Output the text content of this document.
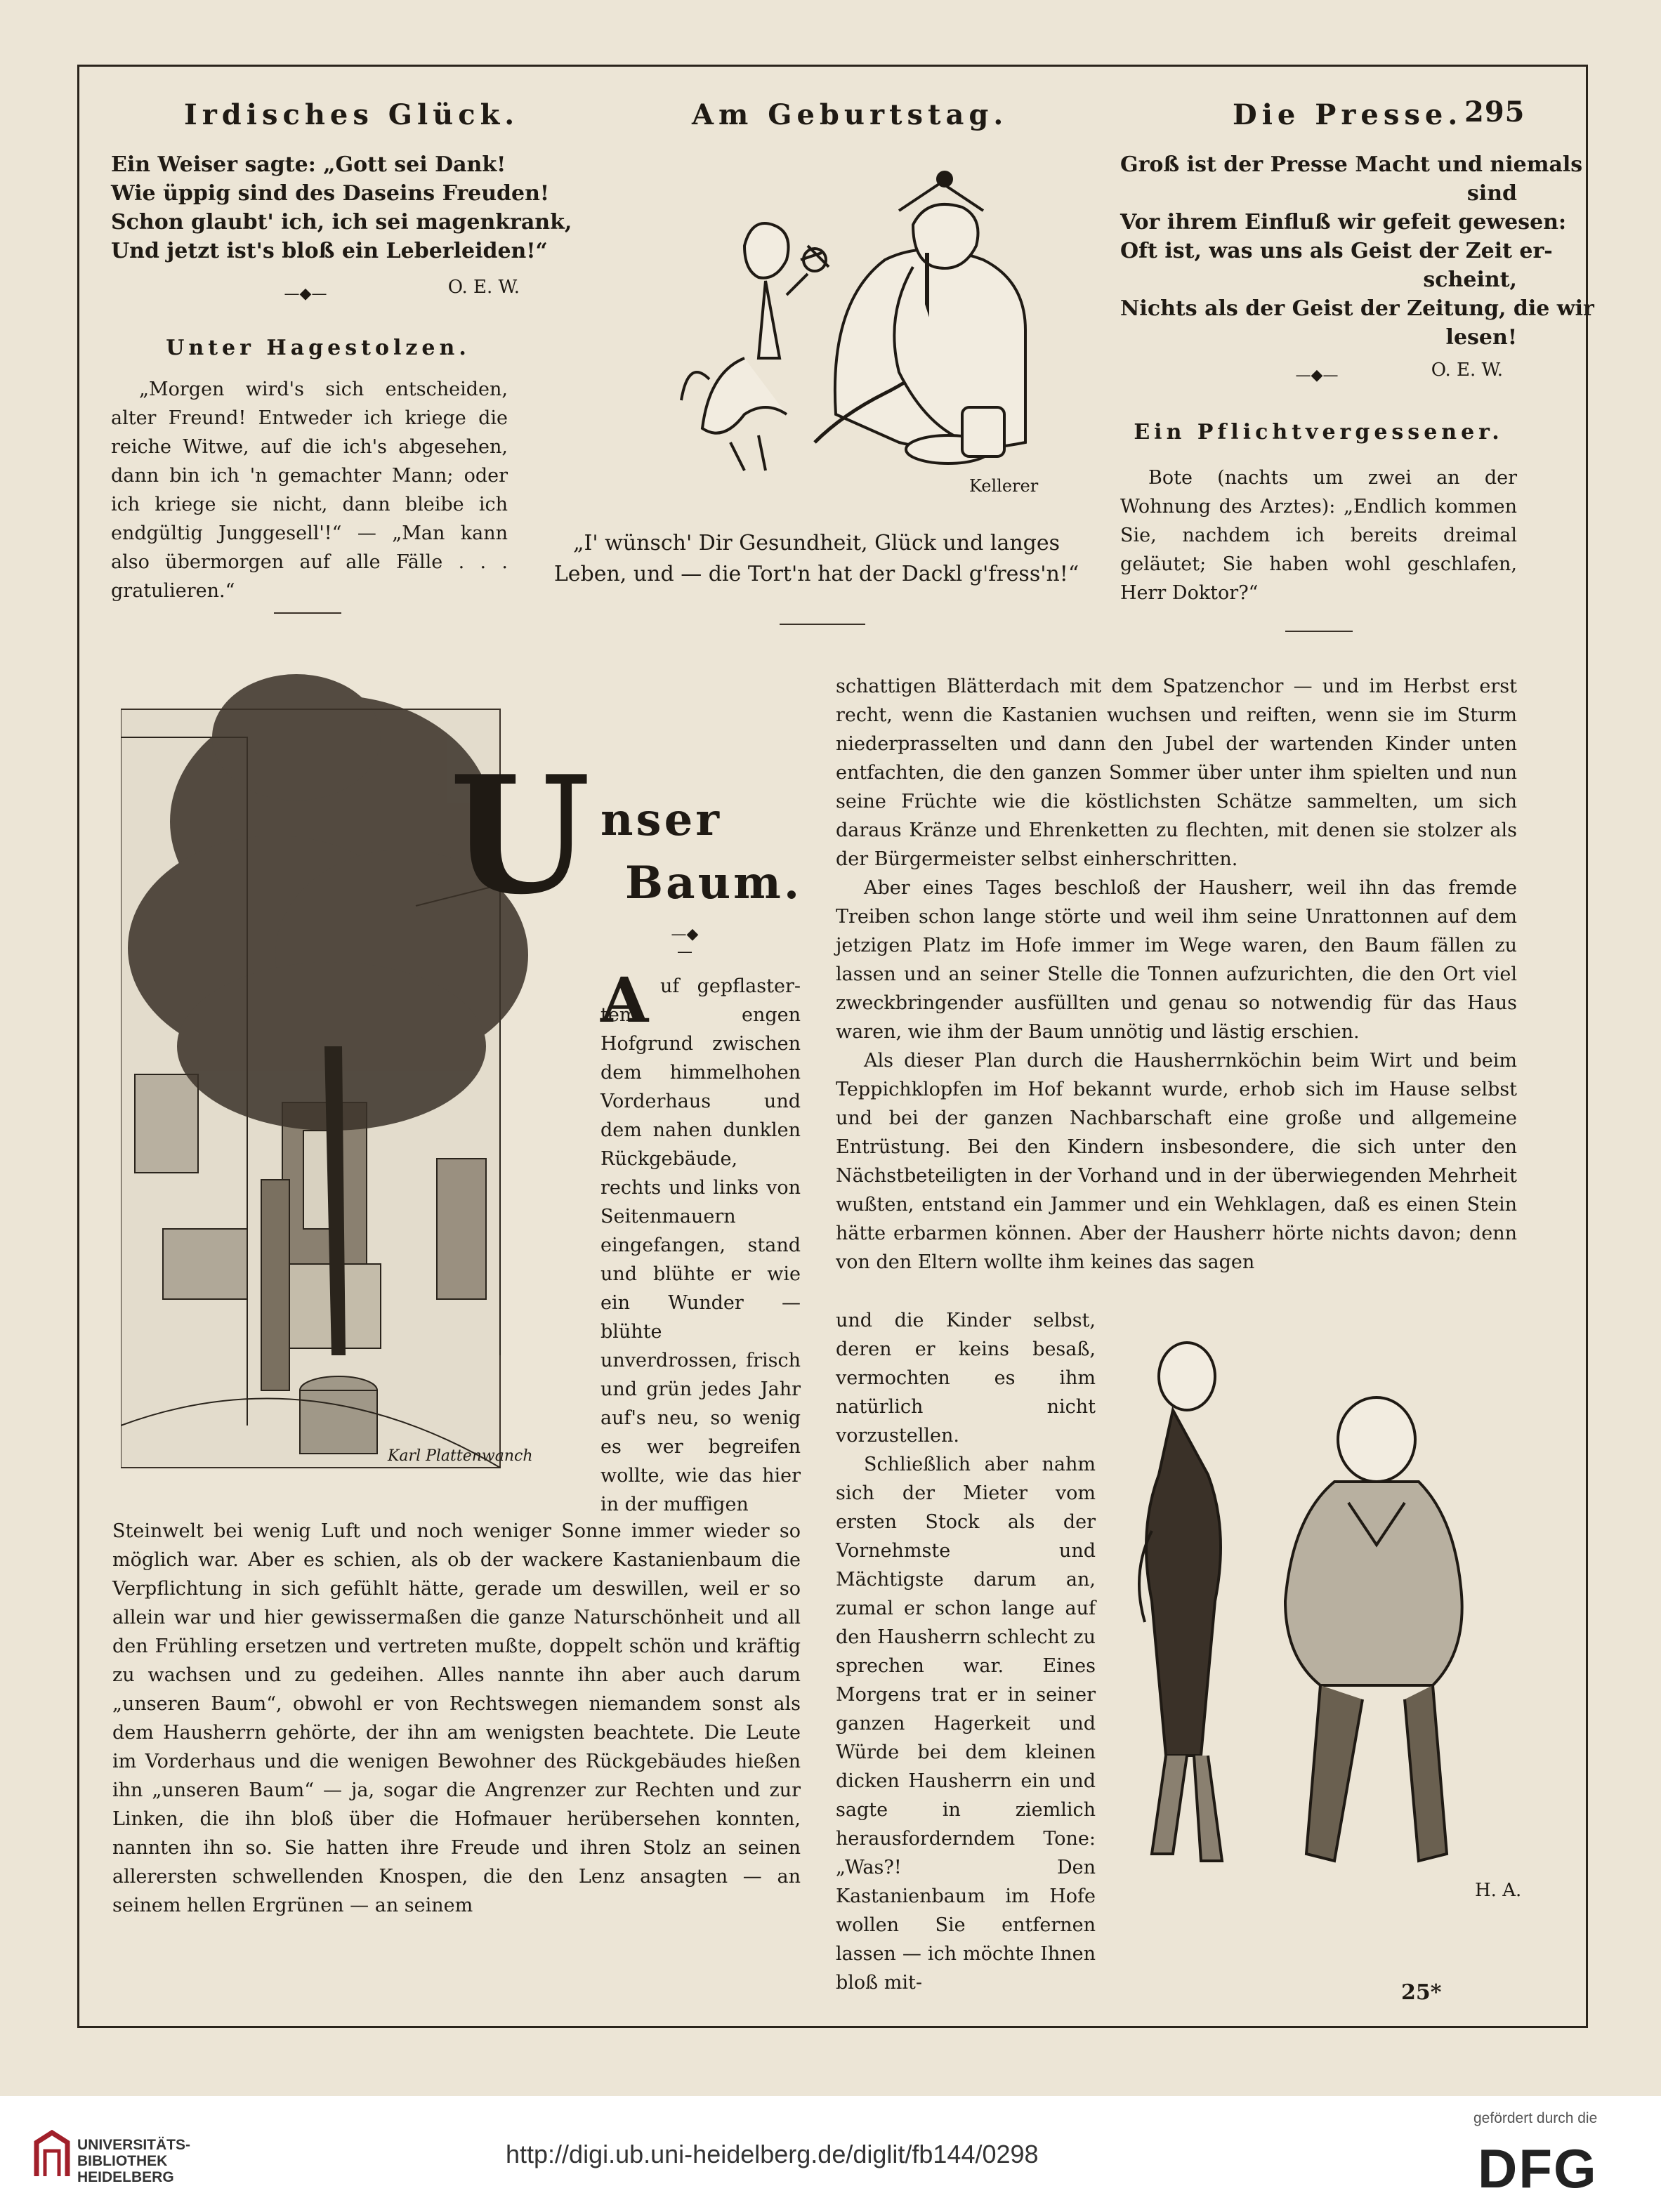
Irdisches Glück.	Am Geburtstag.	Die Presse. 295
Ein Weiser sagte: „Gott sei Dank!
Wie üppig sind des Daseins Freuden!
Schon glaubt' ich, ich sei magenkrank,
Und jetzt ist's bloß ein Leberleiden!“
—◆—	O. E. W.
Unter Hagestolzen.

„Morgen wird's sich entscheiden, alter Freund! Entweder ich kriege die reiche Witwe, auf die ich's abgesehen, dann bin ich 'n gemachter Mann; oder ich kriege sie nicht, dann bleibe ich endgültig Junggesell'!“ — „Man kann also übermorgen auf alle Fälle . . . gratulieren.“

Kellerer
„I' wünsch' Dir Gesundheit, Glück und langes
Leben, und — die Tort'n hat der Dackl g'fress'n!“
Groß ist der Presse Macht und niemals
sind
Vor ihrem Einfluß wir gefeit gewesen:
Oft ist, was uns als Geist der Zeit er-
scheint,
Nichts als der Geist der Zeitung, die wir
lesen!
—◆—	O. E. W.
Ein Pflichtvergessener.

Bote (nachts um zwei an der Wohnung des Arztes): „Endlich kommen Sie, nachdem ich bereits dreimal geläutet; Sie haben wohl geschlafen, Herr Doktor?“

Karl Plattenwanch
U nser
Baum.
—◆—
A uf gepflaster- tem engen Hofgrund zwischen dem himmelhohen Vorderhaus und dem nahen dunklen Rückgebäude, rechts und links von Seitenmauern eingefangen, stand und blühte er wie ein Wunder — blühte unverdrossen, frisch und grün jedes Jahr auf's neu, so wenig es wer begreifen wollte, wie das hier in der muffigen

Steinwelt bei wenig Luft und noch weniger Sonne immer wieder so möglich war. Aber es schien, als ob der wackere Kastanienbaum die Verpflichtung in sich gefühlt hätte, gerade um deswillen, weil er so allein war und hier gewissermaßen die ganze Naturschönheit und all den Frühling ersetzen und vertreten mußte, doppelt schön und kräftig zu wachsen und zu gedeihen. Alles nannte ihn aber auch darum „unseren Baum“, obwohl er von Rechtswegen niemandem sonst als dem Hausherrn gehörte, der ihn am wenigsten beachtete. Die Leute im Vorderhaus und die wenigen Bewohner des Rückgebäudes hießen ihn „unseren Baum“ — ja, sogar die Angrenzer zur Rechten und zur Linken, die ihn bloß über die Hofmauer herübersehen konnten, nannten ihn so. Sie hatten ihre Freude und ihren Stolz an seinen allerersten schwellenden Knospen, die den Lenz ansagten — an seinem hellen Ergrünen — an seinem

schattigen Blätterdach mit dem Spatzenchor — und im Herbst erst recht, wenn die Kastanien wuchsen und reiften, wenn sie im Sturm niederprasselten und dann den Jubel der wartenden Kinder unten entfachten, die den ganzen Sommer über unter ihm spielten und nun seine Früchte wie die köstlichsten Schätze sammelten, um sich daraus Kränze und Ehrenketten zu flechten, mit denen sie stolzer als der Bürgermeister selbst einherschritten.

Aber eines Tages beschloß der Hausherr, weil ihn das fremde Treiben schon lange störte und weil ihm seine Unrattonnen auf dem jetzigen Platz im Hofe immer im Wege waren, den Baum fällen zu lassen und an seiner Stelle die Tonnen aufzurichten, die den Ort viel zweckbringender ausfüllten und genau so notwendig für das Haus waren, wie ihm der Baum unnötig und lästig erschien.

Als dieser Plan durch die Hausherrnköchin beim Wirt und beim Teppichklopfen im Hof bekannt wurde, erhob sich im Hause selbst und bei der ganzen Nachbarschaft eine große und allgemeine Entrüstung. Bei den Kindern insbesondere, die sich unter den Nächstbeteiligten in der Vorhand und in der überwiegenden Mehrheit wußten, entstand ein Jammer und ein Wehklagen, daß es einen Stein hätte erbarmen können. Aber der Hausherr hörte nichts davon; denn von den Eltern wollte ihm keines das sagen

und die Kinder selbst, deren er keins besaß, vermochten es ihm natürlich nicht vorzustellen.

Schließlich aber nahm sich der Mieter vom ersten Stock als der Vornehmste und Mächtigste darum an, zumal er schon lange auf den Hausherrn schlecht zu sprechen war. Eines Morgens trat er in seiner ganzen Hagerkeit und Würde bei dem kleinen dicken Hausherrn ein und sagte in ziemlich herausforderndem Tone: „Was?! Den Kastanienbaum im Hofe wollen Sie entfernen lassen — ich möchte Ihnen bloß mit-

H. A.
25*
UNIVERSITÄTS-
BIBLIOTHEK
HEIDELBERG
http://digi.ub.uni-heidelberg.de/diglit/fb144/0298
gefördert durch die
DFG
